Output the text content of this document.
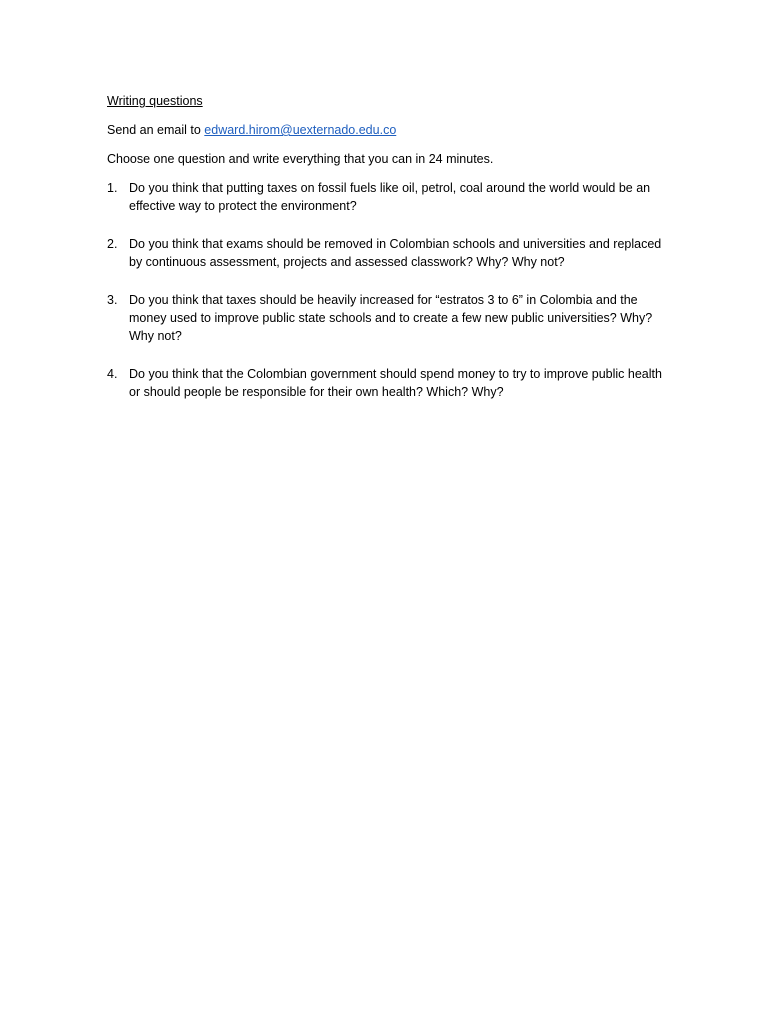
Writing questions
Send an email to edward.hirom@uexternado.edu.co
Choose one question and write everything that you can in 24 minutes.
1. Do you think that putting taxes on fossil fuels like oil, petrol, coal around the world would be an effective way to protect the environment?
2. Do you think that exams should be removed in Colombian schools and universities and replaced by continuous assessment, projects and assessed classwork? Why? Why not?
3. Do you think that taxes should be heavily increased for “estratos 3 to 6” in Colombia and the money used to improve public state schools and to create a few new public universities? Why? Why not?
4. Do you think that the Colombian government should spend money to try to improve public health or should people be responsible for their own health? Which? Why?
